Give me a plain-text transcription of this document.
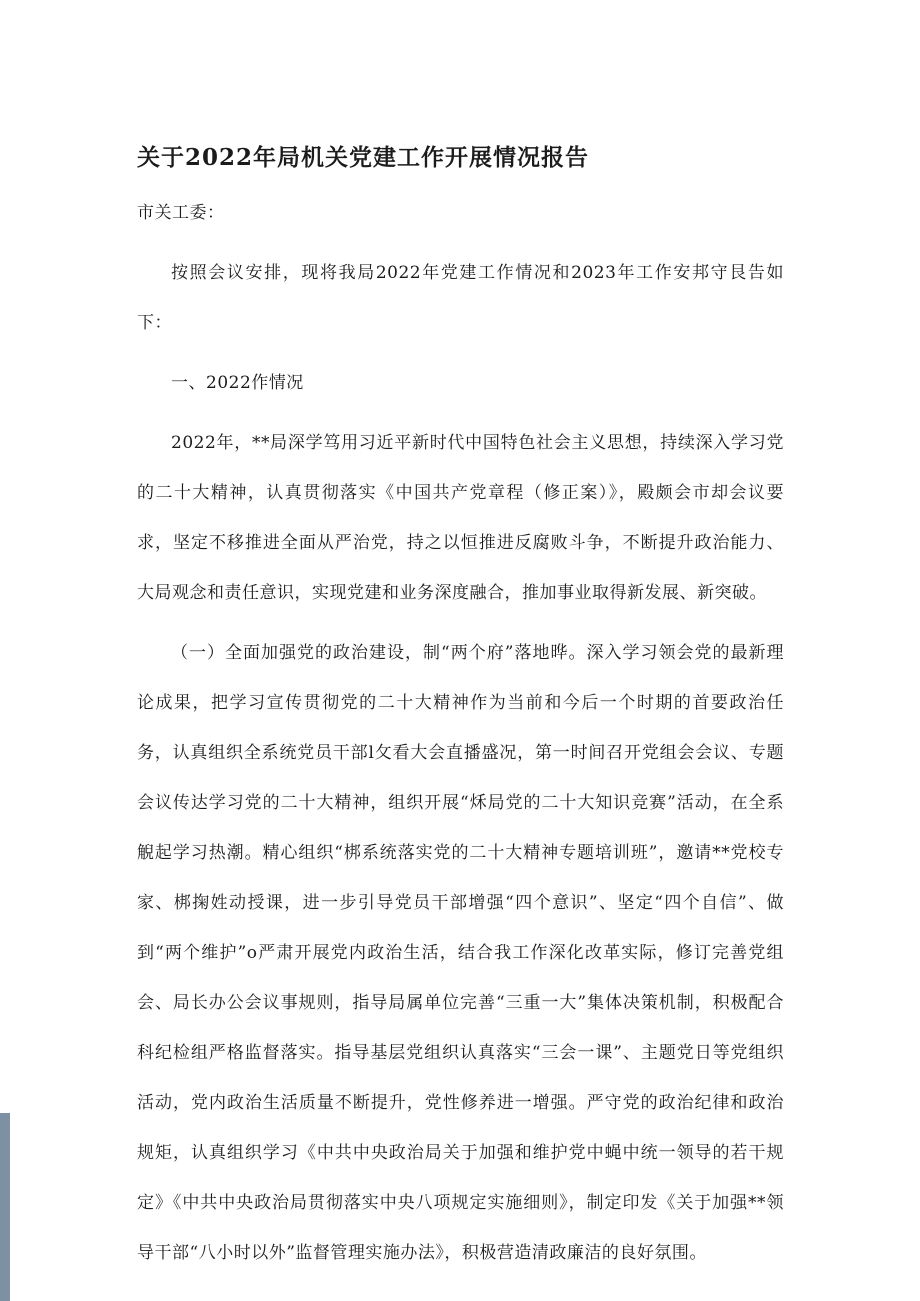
关于2022年局机关党建工作开展情况报告

市关工委：

按照会议安排，现将我局2022年党建工作情况和2023年工作安邦守艮告如下：

一、2022作情况

2022年，**局深学笃用习近平新时代中国特色社会主义思想，持续深入学习党的二十大精神，认真贯彻落实《中国共产党章程（修正案）》，殿颇会市却会议要求，坚定不移推进全面从严治党，持之以恒推进反腐败斗争，不断提升政治能力、大局观念和责任意识，实现党建和业务深度融合，推加事业取得新发展、新突破。

（一）全面加强党的政治建设，制“两个府”落地晔。深入学习领会党的最新理论成果，把学习宣传贯彻党的二十大精神作为当前和今后一个时期的首要政治任务，认真组织全系统党员干部l攵看大会直播盛况，第一时间召开党组会会议、专题会议传达学习党的二十大精神，组织开展“秌局党的二十大知识竞赛”活动，在全系觬起学习热潮。精心组织“梆系统落实党的二十大精神专题培训班”，邀请**党校专家、梆掬姓动授课，进一步引导党员干部增强“四个意识”、坚定“四个自信”、做到“两个维护”o严肃开展党内政治生活，结合我工作深化改革实际，修订完善党组会、局长办公会议事规则，指导局属单位完善“三重一大”集体决策机制，积极配合科纪检组严格监督落实。指导基层党组织认真落实“三会一课”、主题党日等党组织活动，党内政治生活质量不断提升，党性修养进一增强。严守党的政治纪律和政治规矩，认真组织学习《中共中央政治局关于加强和维护党中蝇中统一领导的若干规定》《中共中央政治局贯彻落实中央八项规定实施细则》，制定印发《关于加强**领导干部“八小时以外”监督管理实施办法》，积极营造清政廉洁的良好氛围。
